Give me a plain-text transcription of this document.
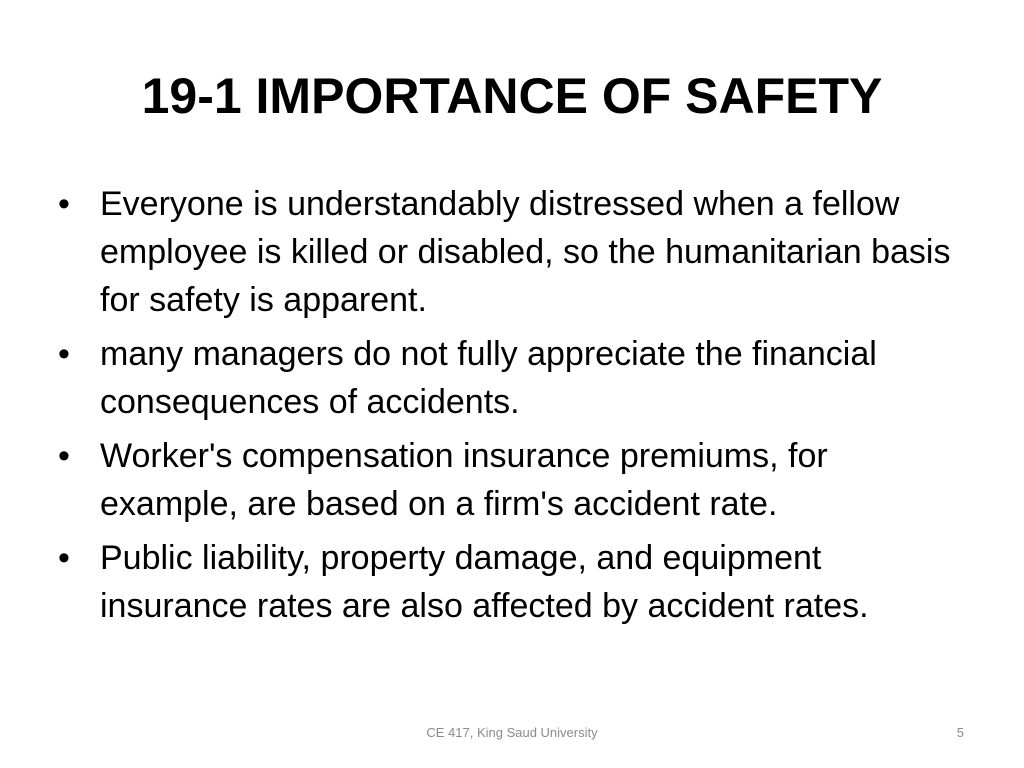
19-1 IMPORTANCE OF SAFETY
• Everyone is understandably distressed when a fellow employee is killed or disabled, so the humanitarian basis for safety is apparent.
• many managers do not fully appreciate the financial consequences of accidents.
• Worker's compensation insurance premiums, for example, are based on a firm's accident rate.
• Public liability, property damage, and equipment insurance rates are also affected by accident rates.
CE 417, King Saud University	5
